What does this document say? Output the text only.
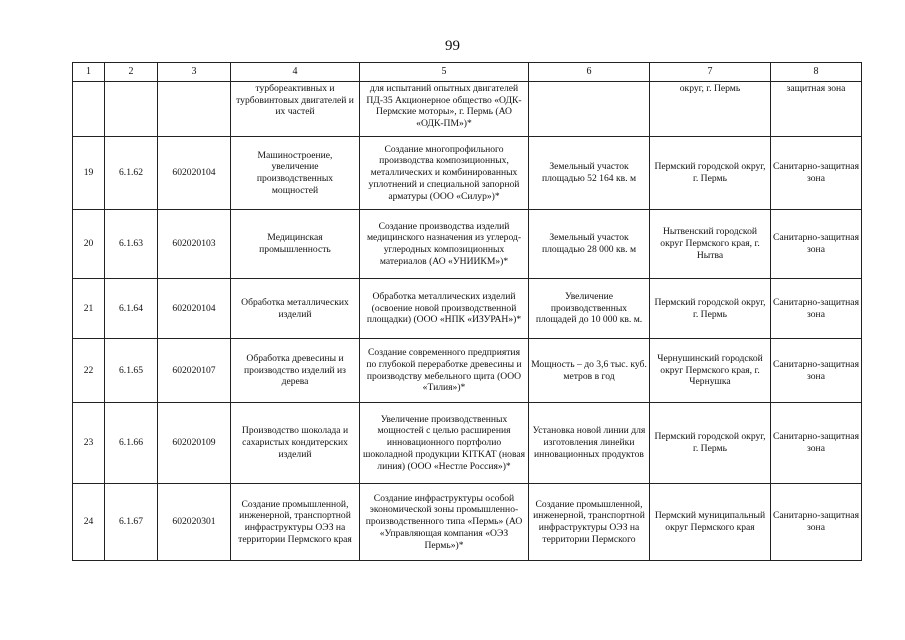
99
1	2	3	4	5	6	7	8
			турбореактивных и турбовинтовых двигателей и их частей	для испытаний опытных двигателей ПД-35 Акционерное общество «ОДК-Пермские моторы», г. Пермь (АО «ОДК-ПМ»)*		округ, г. Пермь	защитная зона
19	6.1.62	602020104	Машиностроение, увеличение производственных мощностей	Создание многопрофильного производства композиционных, металлических и комбинированных уплотнений и специальной запорной арматуры (ООО «Силур»)*	Земельный участок площадью 52 164 кв. м	Пермский городской округ, г. Пермь	Санитарно-защитная зона
20	6.1.63	602020103	Медицинская промышленность	Создание производства изделий медицинского назначения из углерод-углеродных композиционных материалов (АО «УНИИКМ»)*	Земельный участок площадью 28 000 кв. м	Нытвенский городской округ Пермского края, г. Нытва	Санитарно-защитная зона
21	6.1.64	602020104	Обработка металлических изделий	Обработка металлических изделий (освоение новой производственной площадки) (ООО «НПК «ИЗУРАН»)*	Увеличение производственных площадей до 10 000 кв. м.	Пермский городской округ, г. Пермь	Санитарно-защитная зона
22	6.1.65	602020107	Обработка древесины и производство изделий из дерева	Создание современного предприятия по глубокой переработке древесины и производству мебельного щита (ООО «Тилия»)*	Мощность – до 3,6 тыс. куб. метров в год	Чернушинский городской округ Пермского края, г. Чернушка	Санитарно-защитная зона
23	6.1.66	602020109	Производство шоколада и сахаристых кондитерских изделий	Увеличение производственных мощностей с целью расширения инновационного портфолио шоколадной продукции KITKAT (новая линия) (ООО «Нестле Россия»)*	Установка новой линии для изготовления линейки инновационных продуктов	Пермский городской округ, г. Пермь	Санитарно-защитная зона
24	6.1.67	602020301	Создание промышленной, инженерной, транспортной инфраструктуры ОЭЗ на территории Пермского края	Создание инфраструктуры особой экономической зоны промышленно-производственного типа «Пермь» (АО «Управляющая компания «ОЭЗ Пермь»)*	Создание промышленной, инженерной, транспортной инфраструктуры ОЭЗ на территории Пермского	Пермский муниципальный округ Пермского края	Санитарно-защитная зона
